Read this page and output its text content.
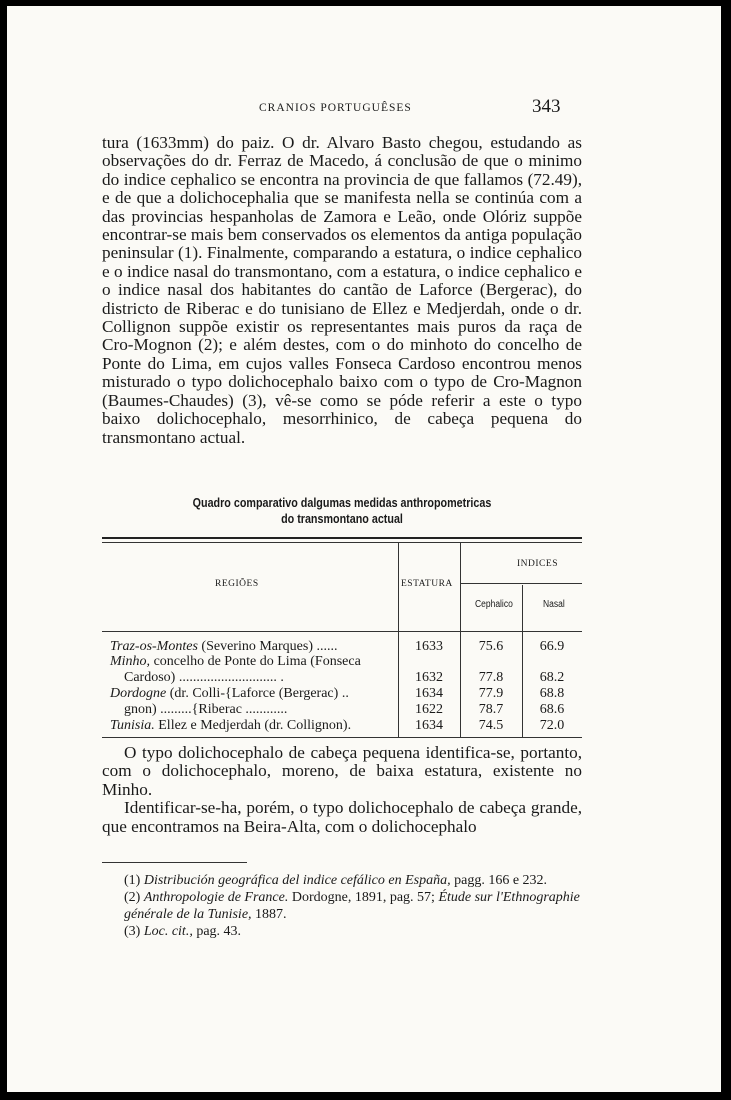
CRANIOS PORTUGUÊSES	343

tura (1633mm) do paiz. O dr. Alvaro Basto chegou, estudando as observações do dr. Ferraz de Macedo, á conclusão de que o minimo do indice cephalico se encontra na provincia de que fallamos (72.49), e de que a dolichocephalia que se manifesta nella se continúa com a das provincias hespanholas de Zamora e Leão, onde Olóriz suppõe encontrar-se mais bem conservados os elementos da antiga população peninsular (1). Finalmente, comparando a estatura, o indice cephalico e o indice nasal do transmontano, com a estatura, o indice cephalico e o indice nasal dos habitantes do cantão de Laforce (Bergerac), do districto de Riberac e do tunisiano de Ellez e Medjerdah, onde o dr. Collignon suppõe existir os representantes mais puros da raça de Cro-Mognon (2); e além destes, com o do minhoto do concelho de Ponte do Lima, em cujos valles Fonseca Cardoso encontrou menos misturado o typo dolichocephalo baixo com o typo de Cro-Magnon (Baumes-Chaudes) (3), vê-se como se póde referir a este o typo baixo dolichocephalo, mesorrhinico, de cabeça pequena do transmontano actual.

Quadro comparativo dalgumas medidas anthropometricas
do transmontano actual
INDICES
REGIÕES	ESTATURA
Cephalico	Nasal
Traz-os-Montes (Severino Marques) ......	1633	75.6	66.9
Minho, concelho de Ponte do Lima (Fonseca
Cardoso) ............................ .	1632	77.8	68.2
Dordogne (dr. Colli-{Laforce (Bergerac) ..	1634	77.9	68.8
gnon) .........{Riberac ............	1622	78.7	68.6
Tunisia. Ellez e Medjerdah (dr. Collignon).	1634	74.5	72.0

O typo dolichocephalo de cabeça pequena identifica-se, portanto, com o dolichocephalo, moreno, de baixa estatura, existente no Minho.

Identificar-se-ha, porém, o typo dolichocephalo de cabeça grande, que encontramos na Beira-Alta, com o dolichocephalo

(1) Distribución geográfica del indice cefálico en España, pagg. 166 e 232.

(2) Anthropologie de France. Dordogne, 1891, pag. 57; Étude sur l'Ethnographie générale de la Tunisie, 1887.

(3) Loc. cit., pag. 43.
